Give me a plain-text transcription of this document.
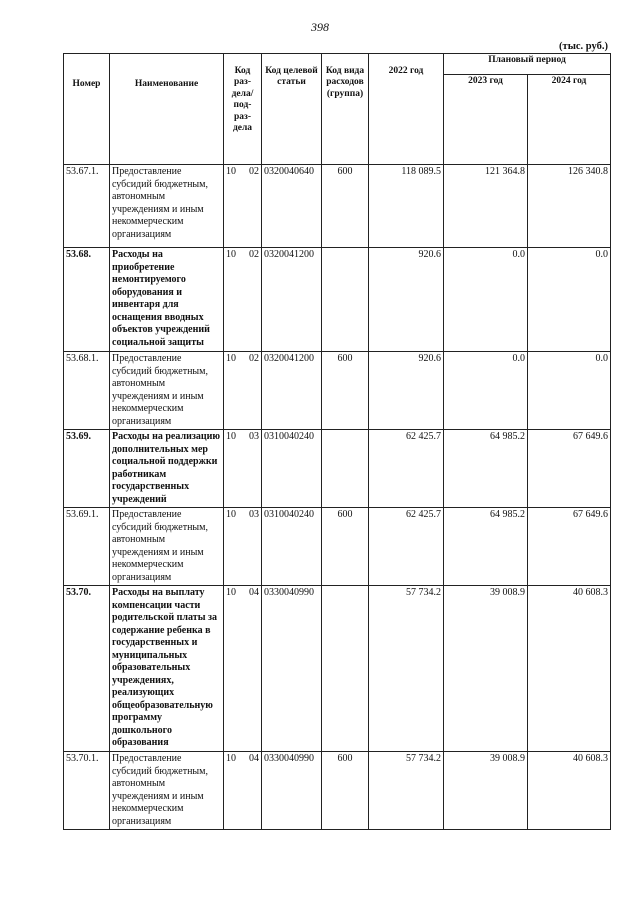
398
(тыс. руб.)
Номер	Наименование	Код раз- дела/ под- раз- дела	Код целевой статьи	Код вида расходов (группа)	2022 год	Плановый период	
						2023 год	2024 год
53.67.1.	Предоставление субсидий бюджетным, автономным учреждениям и иным некоммерческим организациям	10 02	0320040640	600	118 089.5	121 364.8	126 340.8
53.68.	Расходы на приобретение немонтируемого оборудования и инвентаря для оснащения вводных объектов учреждений социальной защиты	10 02	0320041200		920.6	0.0	0.0
53.68.1.	Предоставление субсидий бюджетным, автономным учреждениям и иным некоммерческим организациям	10 02	0320041200	600	920.6	0.0	0.0
53.69.	Расходы на реализацию дополнительных мер социальной поддержки работникам государственных учреждений	10 03	0310040240		62 425.7	64 985.2	67 649.6
53.69.1.	Предоставление субсидий бюджетным, автономным учреждениям и иным некоммерческим организациям	10 03	0310040240	600	62 425.7	64 985.2	67 649.6
53.70.	Расходы на выплату компенсации части родительской платы за содержание ребенка в государственных и муниципальных образовательных учреждениях, реализующих общеобразовательную программу дошкольного образования	10 04	0330040990		57 734.2	39 008.9	40 608.3
53.70.1.	Предоставление субсидий бюджетным, автономным учреждениям и иным некоммерческим организациям	10 04	0330040990	600	57 734.2	39 008.9	40 608.3
